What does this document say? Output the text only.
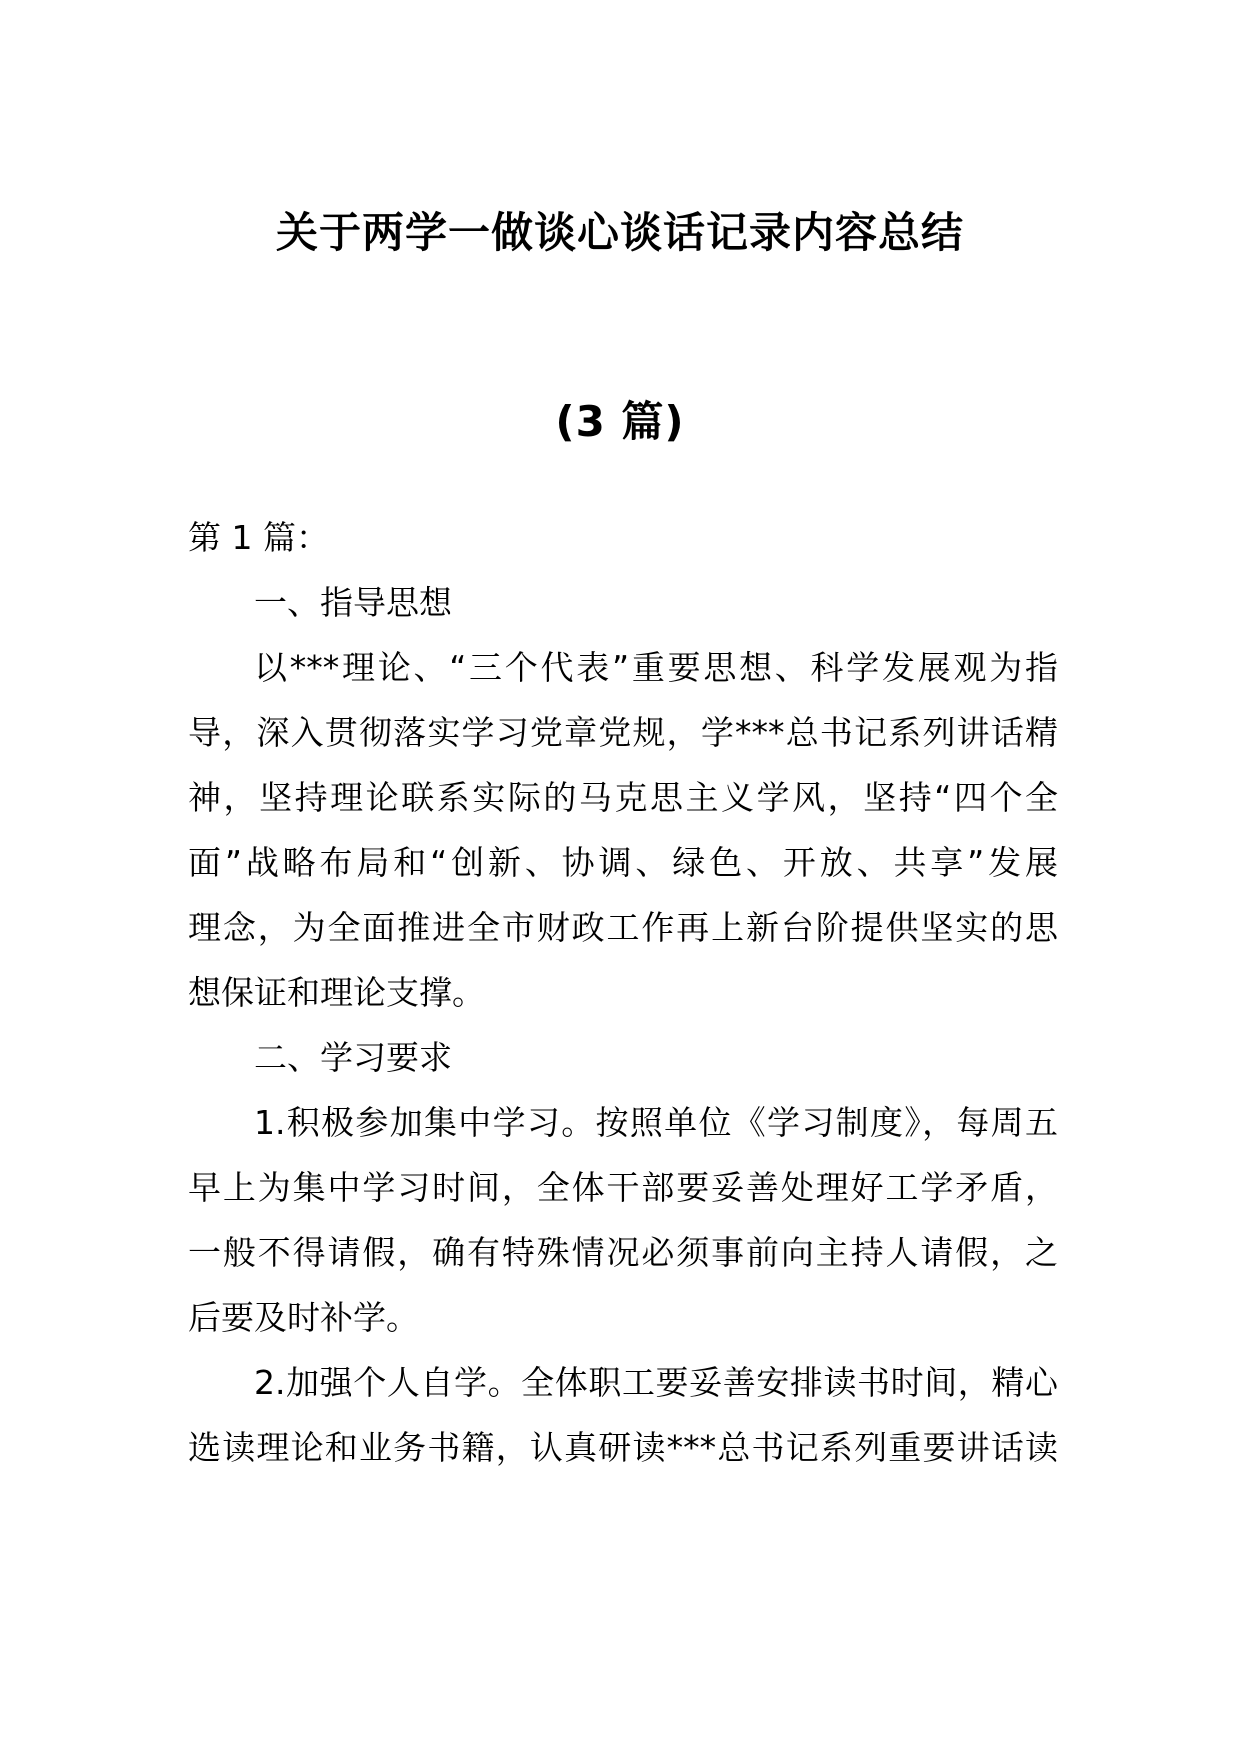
关于两学一做谈心谈话记录内容总结
(3 篇)
第 1 篇：
一、指导思想
以***理论、“三个代表”重要思想、科学发展观为指
导，深入贯彻落实学习党章党规，学***总书记系列讲话精
神，坚持理论联系实际的马克思主义学风，坚持“四个全
面”战略布局和“创新、协调、绿色、开放、共享”发展
理念，为全面推进全市财政工作再上新台阶提供坚实的思
想保证和理论支撑。
二、学习要求
1.积极参加集中学习。按照单位《学习制度》，每周五
早上为集中学习时间，全体干部要妥善处理好工学矛盾，
一般不得请假，确有特殊情况必须事前向主持人请假，之
后要及时补学。
2.加强个人自学。全体职工要妥善安排读书时间，精心
选读理论和业务书籍，认真研读***总书记系列重要讲话读
